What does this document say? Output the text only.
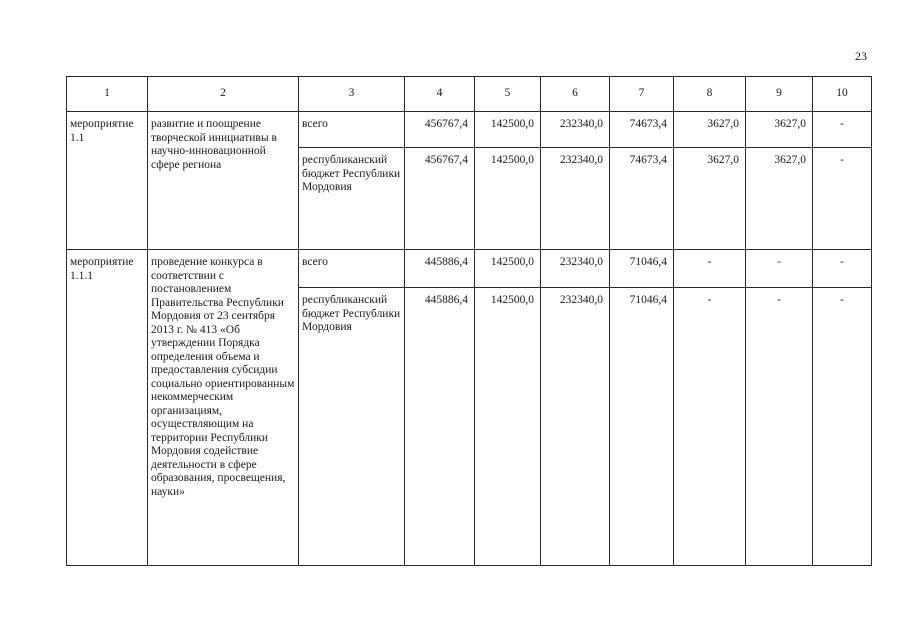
23
1	2	3	4	5	6	7	8	9	10
мероприятие 1.1	развитие и поощрение творческой инициативы в научно-инновационной сфере региона	всего	456767,4	142500,0	232340,0	74673,4	3627,0	3627,0	-
		республиканский бюджет Республики Мордовия	456767,4	142500,0	232340,0	74673,4	3627,0	3627,0	-
мероприятие 1.1.1	проведение конкурса в соответствии с постановлением Правительства Республики Мордовия от 23 сентября 2013 г. № 413 «Об утверждении Порядка определения объема и предоставления субсидии социально ориентированным некоммерческим организациям, осуществляющим на территории Республики Мордовия содействие деятельности в сфере образования, просвещения, науки»	всего	445886,4	142500,0	232340,0	71046,4	-	-	-
		республиканский бюджет Республики Мордовия	445886,4	142500,0	232340,0	71046,4	-	-	-
